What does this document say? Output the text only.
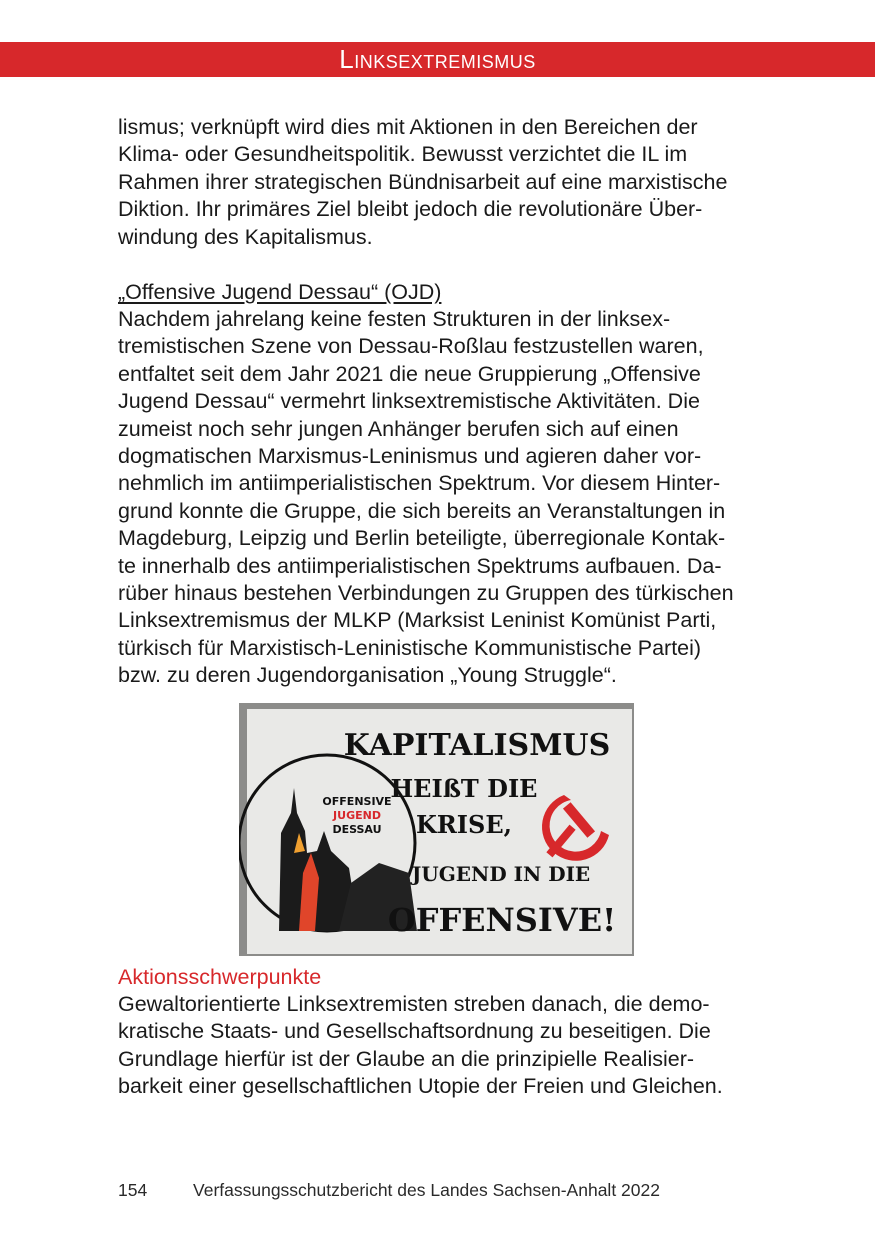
Linksextremismus

lismus; verknüpft wird dies mit Aktionen in den Bereichen der
Klima- oder Gesundheitspolitik. Bewusst verzichtet die IL im
Rahmen ihrer strategischen Bündnisarbeit auf eine marxistische
Diktion. Ihr primäres Ziel bleibt jedoch die revolutionäre Über-
windung des Kapitalismus.

„Offensive Jugend Dessau“ (OJD)

Nachdem jahrelang keine festen Strukturen in der linksex-
tremistischen Szene von Dessau-Roßlau festzustellen waren,
entfaltet seit dem Jahr 2021 die neue Gruppierung „Offensive
Jugend Dessau“ vermehrt linksextremistische Aktivitäten. Die
zumeist noch sehr jungen Anhänger berufen sich auf einen
dogmatischen Marxismus-Leninismus und agieren daher vor-
nehmlich im antiimperialistischen Spektrum. Vor diesem Hinter-
grund konnte die Gruppe, die sich bereits an Veranstaltungen in
Magdeburg, Leipzig und Berlin beteiligte, überregionale Kontak-
te innerhalb des antiimperialistischen Spektrums aufbauen. Da-
rüber hinaus bestehen Verbindungen zu Gruppen des türkischen
Linksextremismus der MLKP (Marksist Leninist Komünist Parti,
türkisch für Marxistisch-Leninistische Kommunistische Partei)
bzw. zu deren Jugendorganisation „Young Struggle“.

OFFENSIVE
JUGEND
DESSAU
KAPITALISMUS
HEIßT DIE
KRISE,
JUGEND IN DIE
OFFENSIVE!
Aktionsschwerpunkte

Gewaltorientierte Linksextremisten streben danach, die demo-
kratische Staats- und Gesellschaftsordnung zu beseitigen. Die
Grundlage hierfür ist der Glaube an die prinzipielle Realisier-
barkeit einer gesellschaftlichen Utopie der Freien und Gleichen.

154	Verfassungsschutzbericht des Landes Sachsen-Anhalt 2022
